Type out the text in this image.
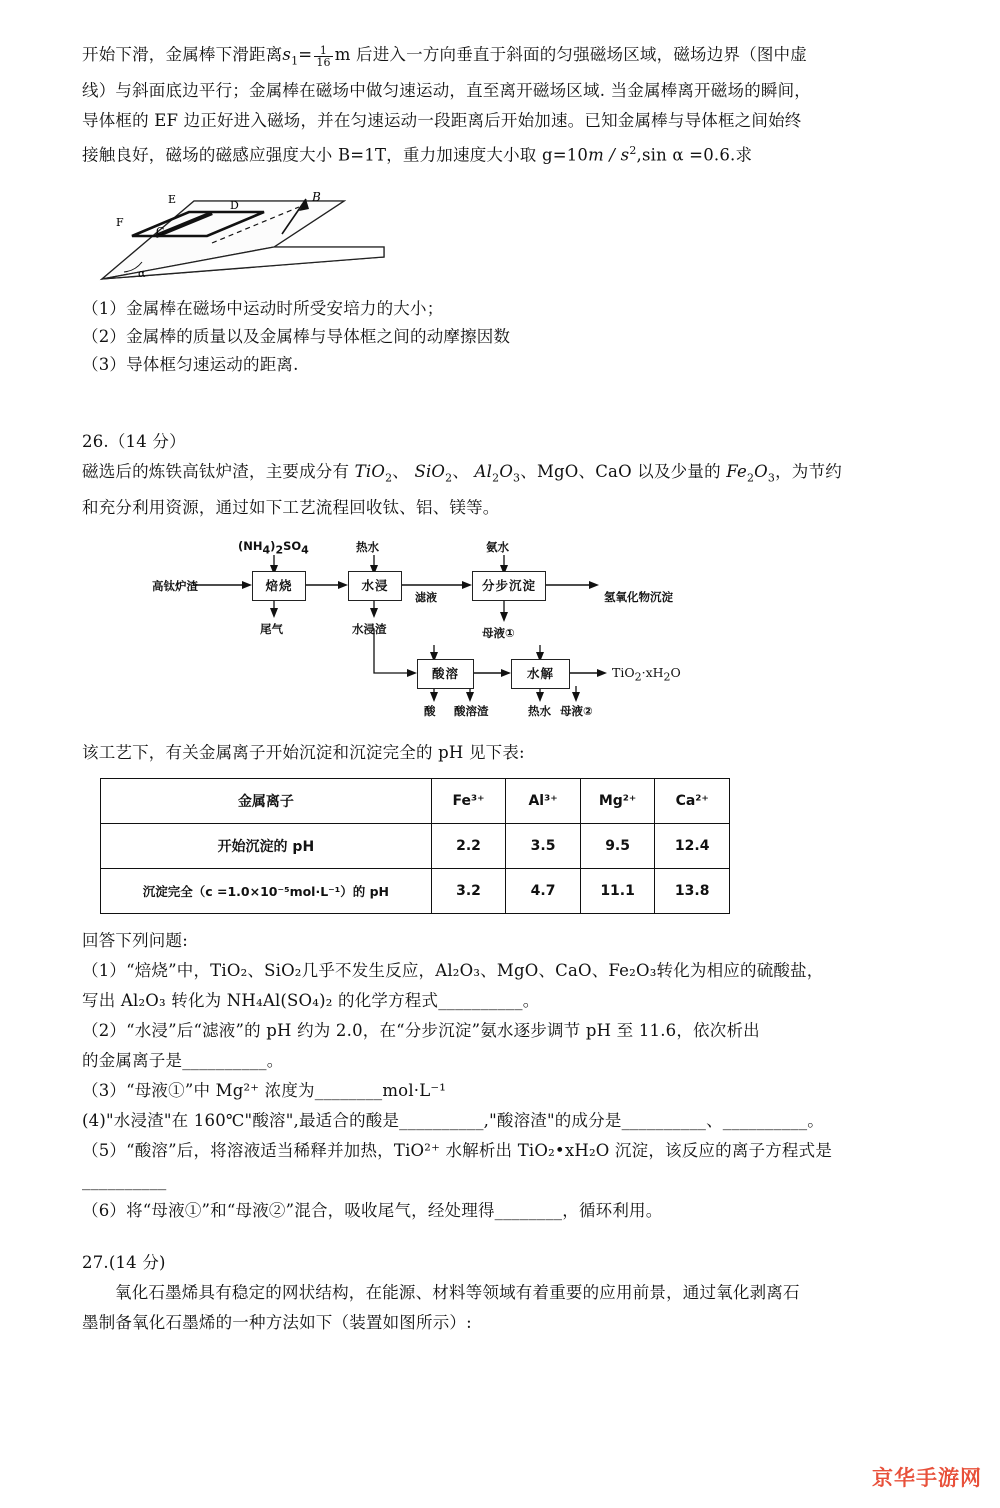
开始下滑，金属棒下滑距离$s_1= \frac{1}{16}$ m 后进入一方向垂直于斜面的匀强磁场区域，磁场边界（图中虚

线）与斜面底边平行；金属棒在磁场中做匀速运动，直至离开磁场区域. 当金属棒离开磁场的瞬间，

导体框的 EF 边正好进入磁场，并在匀速运动一段距离后开始加速。已知金属棒与导体框之间始终

接触良好，磁场的磁感应强度大小 B=1T，重力加速度大小取 $g=10m / s^2,\sin$ α =0.6.求

E
F
D
C
B
α

（1）金属棒在磁场中运动时所受安培力的大小；

（2）金属棒的质量以及金属棒与导体框之间的动摩擦因数

（3）导体框匀速运动的距离.

26.（14 分）

磁选后的炼铁高钛炉渣，主要成分有 TiO$_2$、 SiO$_2$、 $Al_2O_3$、MgO、CaO 以及少量的 $Fe_2O_3$，为节约

和充分利用资源，通过如下工艺流程回收钛、铝、镁等。

高钛炉渣	焙烧	水浸	分步沉淀
酸溶	水解
(NH4)2SO4	热水	氨水
滤液	氢氧化物沉淀
母液①
尾气	水浸渣
酸 酸溶渣	热水 母液②
TiO2·xH2O

该工艺下，有关金属离子开始沉淀和沉淀完全的 pH 见下表:

金属离子	Fe³⁺	Al³⁺	Mg²⁺	Ca²⁺
开始沉淀的 pH	2.2	3.5	9.5	12.4
沉淀完全（c =1.0×10⁻⁵mol·L⁻¹）的 pH	3.2	4.7	11.1	13.8

回答下列问题:

（1）“焙烧”中，TiO₂、SiO₂几乎不发生反应，Al₂O₃、MgO、CaO、Fe₂O₃转化为相应的硫酸盐，

写出 Al₂O₃ 转化为 NH₄Al(SO₄)₂ 的化学方程式__________。

（2）“水浸”后“滤液”的 pH 约为 2.0，在“分步沉淀”氨水逐步调节 pH 至 11.6，依次析出

的金属离子是__________。

（3）“母液①”中 Mg²⁺ 浓度为________mol·L⁻¹

(4)"水浸渣"在 160℃"酸溶",最适合的酸是__________,"酸溶渣"的成分是__________、__________。

（5）“酸溶”后，将溶液适当稀释并加热，TiO²⁺ 水解析出 TiO₂•xH₂O 沉淀，该反应的离子方程式是

__________

（6）将“母液①”和“母液②”混合，吸收尾气，经处理得________，循环利用。

27.(14 分)

氧化石墨烯具有稳定的网状结构，在能源、材料等领域有着重要的应用前景，通过氧化剥离石

墨制备氧化石墨烯的一种方法如下（装置如图所示）:

京华手游网
